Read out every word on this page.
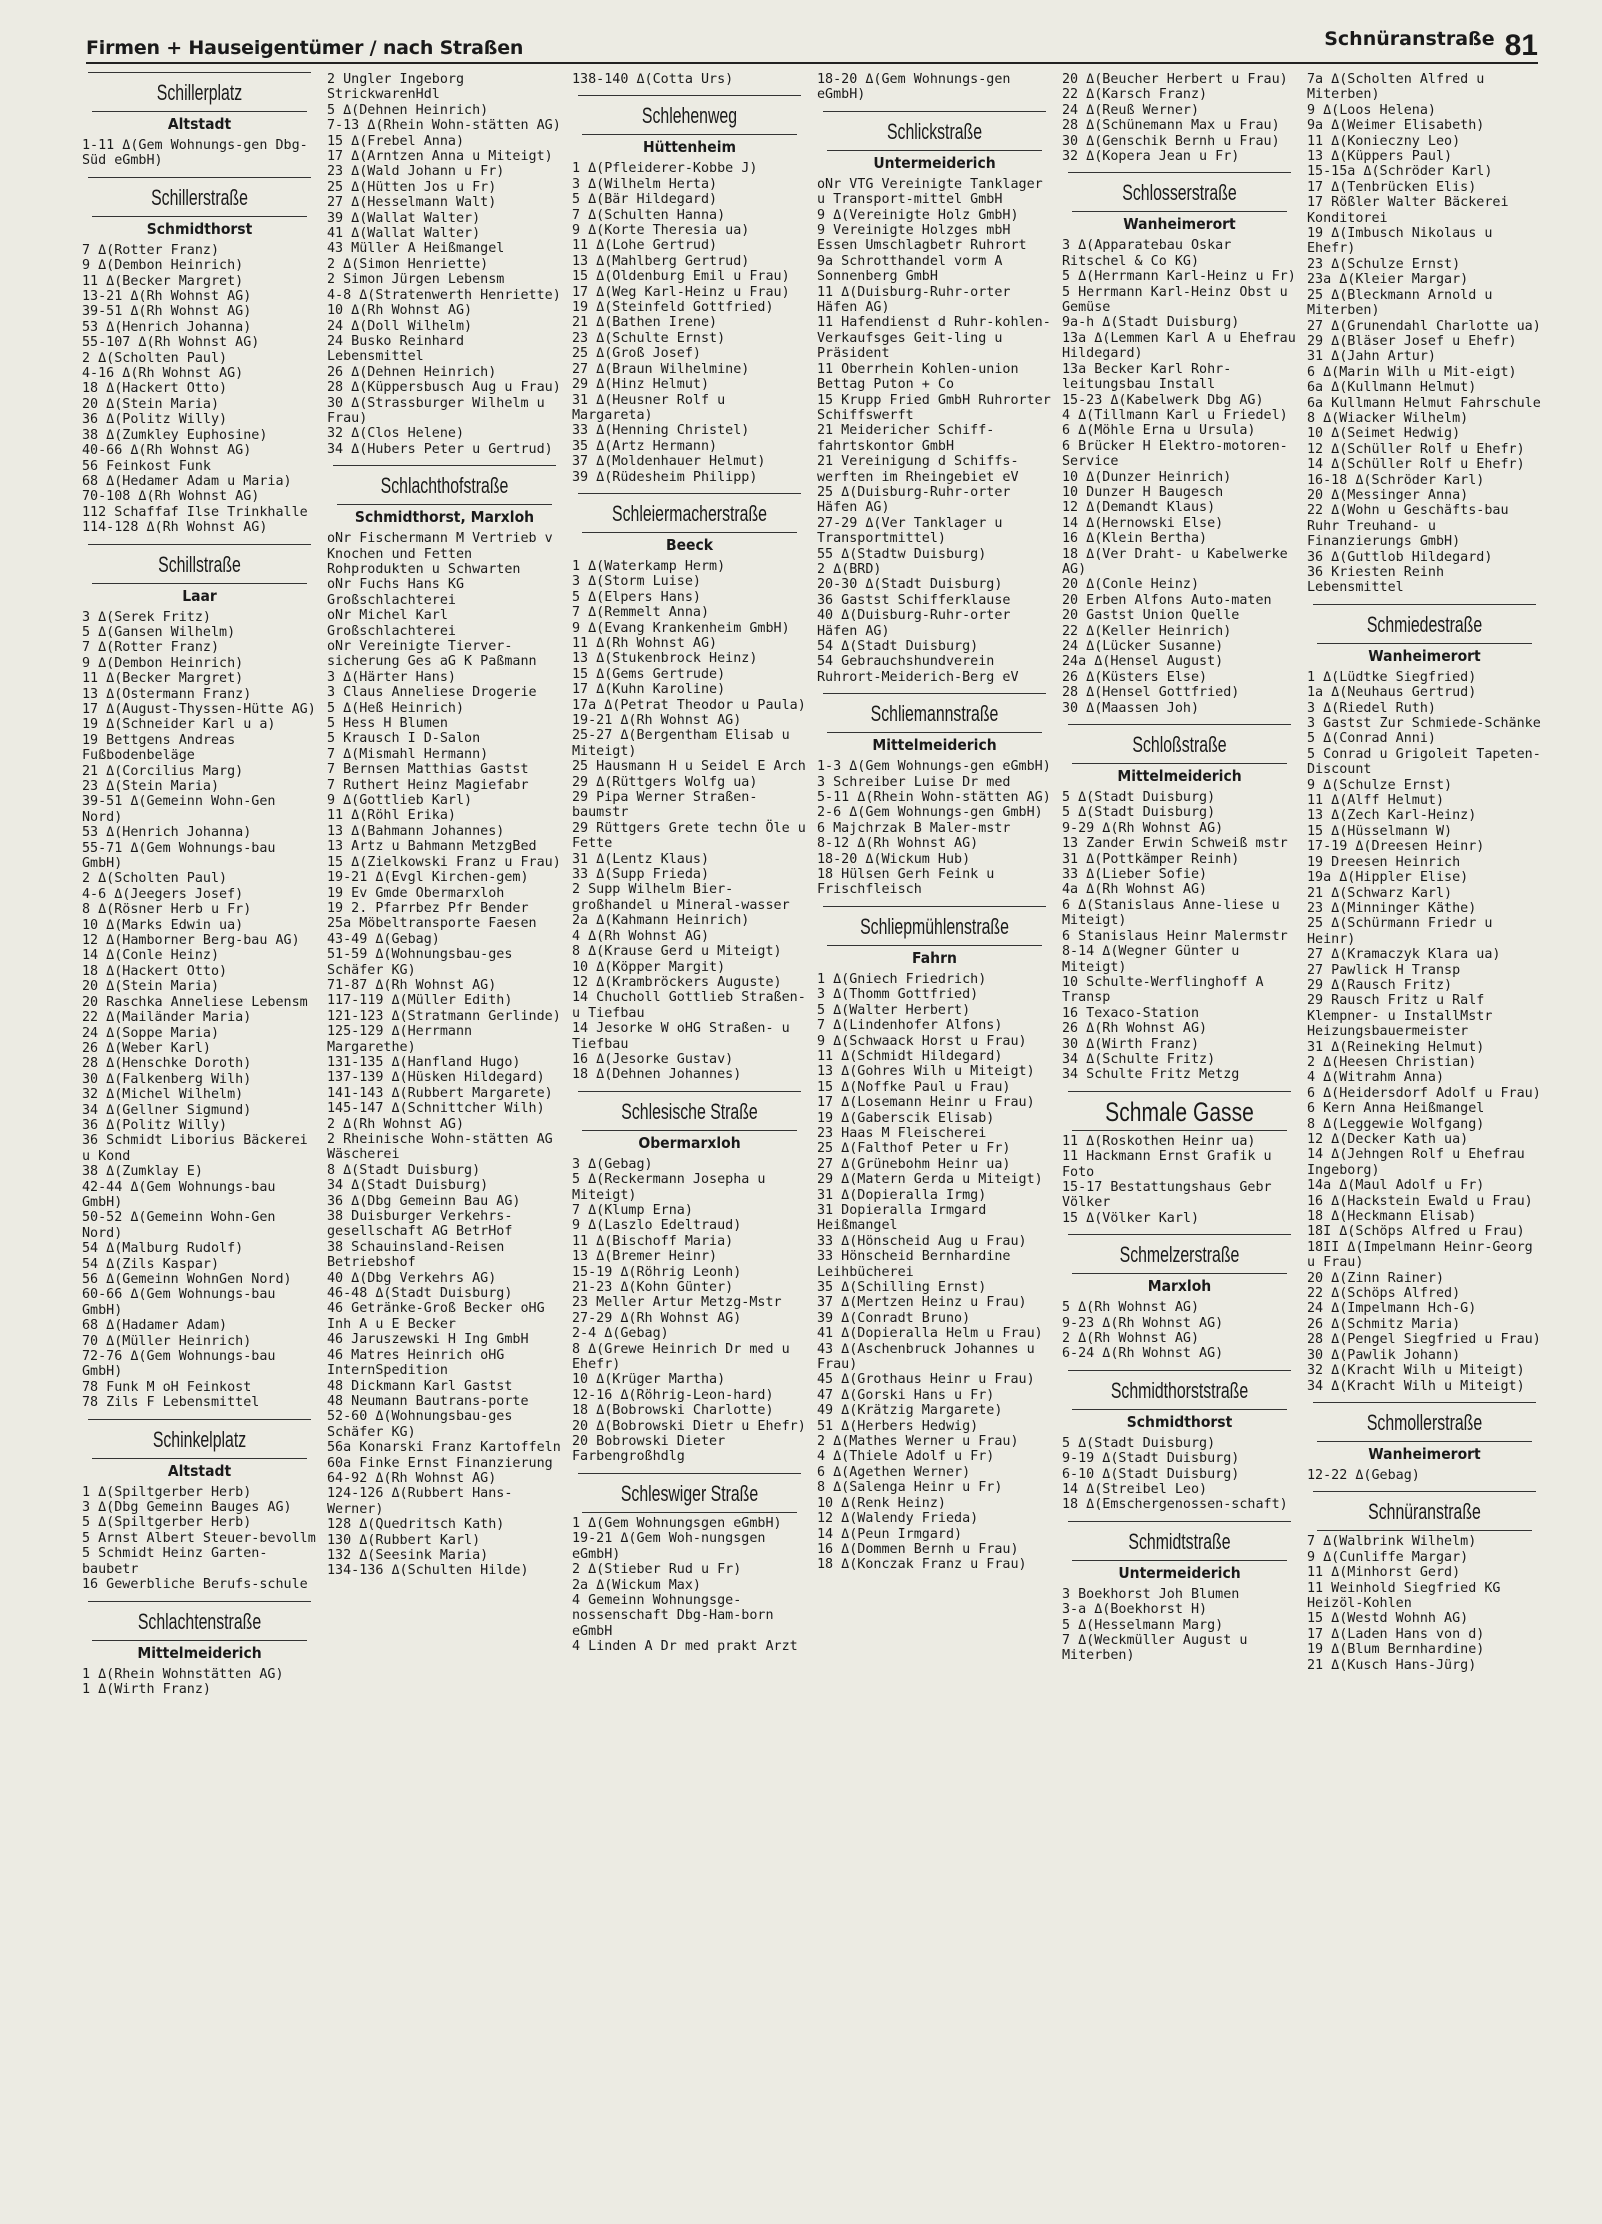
Firmen + Hauseigentümer / nach Straßen	Schnüranstraße 81
Schillerplatz
Altstadt
1-11 Δ(Gem Wohnungs-gen Dbg-Süd eGmbH)
Schillerstraße
Schmidthorst
7 Δ(Rotter Franz)
9 Δ(Dembon Heinrich)
11 Δ(Becker Margret)
13-21 Δ(Rh Wohnst AG)
39-51 Δ(Rh Wohnst AG)
53 Δ(Henrich Johanna)
55-107 Δ(Rh Wohnst AG)
2 Δ(Scholten Paul)
4-16 Δ(Rh Wohnst AG)
18 Δ(Hackert Otto)
20 Δ(Stein Maria)
36 Δ(Politz Willy)
38 Δ(Zumkley Euphosine)
40-66 Δ(Rh Wohnst AG)
56 Feinkost Funk
68 Δ(Hedamer Adam u Maria)
70-108 Δ(Rh Wohnst AG)
112 Schaffaf Ilse Trinkhalle
114-128 Δ(Rh Wohnst AG)
Schillstraße
Laar
3 Δ(Serek Fritz)
5 Δ(Gansen Wilhelm)
7 Δ(Rotter Franz)
9 Δ(Dembon Heinrich)
11 Δ(Becker Margret)
13 Δ(Ostermann Franz)
17 Δ(August-Thyssen-Hütte AG)
19 Δ(Schneider Karl u a)
19 Bettgens Andreas Fußbodenbeläge
21 Δ(Corcilius Marg)
23 Δ(Stein Maria)
39-51 Δ(Gemeinn Wohn-Gen Nord)
53 Δ(Henrich Johanna)
55-71 Δ(Gem Wohnungs-bau GmbH)
2 Δ(Scholten Paul)
4-6 Δ(Jeegers Josef)
8 Δ(Rösner Herb u Fr)
10 Δ(Marks Edwin ua)
12 Δ(Hamborner Berg-bau AG)
14 Δ(Conle Heinz)
18 Δ(Hackert Otto)
20 Δ(Stein Maria)
20 Raschka Anneliese Lebensm
22 Δ(Mailänder Maria)
24 Δ(Soppe Maria)
26 Δ(Weber Karl)
28 Δ(Henschke Doroth)
30 Δ(Falkenberg Wilh)
32 Δ(Michel Wilhelm)
34 Δ(Gellner Sigmund)
36 Δ(Politz Willy)
36 Schmidt Liborius Bäckerei u Kond
38 Δ(Zumklay E)
42-44 Δ(Gem Wohnungs-bau GmbH)
50-52 Δ(Gemeinn Wohn-Gen Nord)
54 Δ(Malburg Rudolf)
54 Δ(Zils Kaspar)
56 Δ(Gemeinn WohnGen Nord)
60-66 Δ(Gem Wohnungs-bau GmbH)
68 Δ(Hadamer Adam)
70 Δ(Müller Heinrich)
72-76 Δ(Gem Wohnungs-bau GmbH)
78 Funk M oH Feinkost
78 Zils F Lebensmittel
Schinkelplatz
Altstadt
1 Δ(Spiltgerber Herb)
3 Δ(Dbg Gemeinn Bauges AG)
5 Δ(Spiltgerber Herb)
5 Arnst Albert Steuer-bevollm
5 Schmidt Heinz Garten-baubetr
16 Gewerbliche Berufs-schule
Schlachtenstraße
Mittelmeiderich
1 Δ(Rhein Wohnstätten AG)
1 Δ(Wirth Franz)
2 Ungler Ingeborg StrickwarenHdl
5 Δ(Dehnen Heinrich)
7-13 Δ(Rhein Wohn-stätten AG)
15 Δ(Frebel Anna)
17 Δ(Arntzen Anna u Miteigt)
23 Δ(Wald Johann u Fr)
25 Δ(Hütten Jos u Fr)
27 Δ(Hesselmann Walt)
39 Δ(Wallat Walter)
41 Δ(Wallat Walter)
43 Müller A Heißmangel
2 Δ(Simon Henriette)
2 Simon Jürgen Lebensm
4-8 Δ(Stratenwerth Henriette)
10 Δ(Rh Wohnst AG)
24 Δ(Doll Wilhelm)
24 Busko Reinhard Lebensmittel
26 Δ(Dehnen Heinrich)
28 Δ(Küppersbusch Aug u Frau)
30 Δ(Strassburger Wilhelm u Frau)
32 Δ(Clos Helene)
34 Δ(Hubers Peter u Gertrud)
Schlachthofstraße
Schmidthorst, Marxloh
oNr Fischermann M Vertrieb v Knochen und Fetten Rohprodukten u Schwarten
oNr Fuchs Hans KG Großschlachterei
oNr Michel Karl Großschlachterei
oNr Vereinigte Tierver-sicherung Ges aG K Paßmann
3 Δ(Härter Hans)
3 Claus Anneliese Drogerie
5 Δ(Heß Heinrich)
5 Hess H Blumen
5 Krausch I D-Salon
7 Δ(Mismahl Hermann)
7 Bernsen Matthias Gastst
7 Ruthert Heinz Magiefabr
9 Δ(Gottlieb Karl)
11 Δ(Röhl Erika)
13 Δ(Bahmann Johannes)
13 Artz u Bahmann MetzgBed
15 Δ(Zielkowski Franz u Frau)
19-21 Δ(Evgl Kirchen-gem)
19 Ev Gmde Obermarxloh
19 2. Pfarrbez Pfr Bender
25a Möbeltransporte Faesen
43-49 Δ(Gebag)
51-59 Δ(Wohnungsbau-ges Schäfer KG)
71-87 Δ(Rh Wohnst AG)
117-119 Δ(Müller Edith)
121-123 Δ(Stratmann Gerlinde)
125-129 Δ(Herrmann Margarethe)
131-135 Δ(Hanfland Hugo)
137-139 Δ(Hüsken Hildegard)
141-143 Δ(Rubbert Margarete)
145-147 Δ(Schnittcher Wilh)
2 Δ(Rh Wohnst AG)
2 Rheinische Wohn-stätten AG Wäscherei
8 Δ(Stadt Duisburg)
34 Δ(Stadt Duisburg)
36 Δ(Dbg Gemeinn Bau AG)
38 Duisburger Verkehrs-gesellschaft AG BetrHof
38 Schauinsland-Reisen Betriebshof
40 Δ(Dbg Verkehrs AG)
46-48 Δ(Stadt Duisburg)
46 Getränke-Groß Becker oHG Inh A u E Becker
46 Jaruszewski H Ing GmbH
46 Matres Heinrich oHG InternSpedition
48 Dickmann Karl Gastst
48 Neumann Bautrans-porte
52-60 Δ(Wohnungsbau-ges Schäfer KG)
56a Konarski Franz Kartoffeln
60a Finke Ernst Finanzierung
64-92 Δ(Rh Wohnst AG)
124-126 Δ(Rubbert Hans-Werner)
128 Δ(Quedritsch Kath)
130 Δ(Rubbert Karl)
132 Δ(Seesink Maria)
134-136 Δ(Schulten Hilde)
138-140 Δ(Cotta Urs)
Schlehenweg
Hüttenheim
1 Δ(Pfleiderer-Kobbe J)
3 Δ(Wilhelm Herta)
5 Δ(Bär Hildegard)
7 Δ(Schulten Hanna)
9 Δ(Korte Theresia ua)
11 Δ(Lohe Gertrud)
13 Δ(Mahlberg Gertrud)
15 Δ(Oldenburg Emil u Frau)
17 Δ(Weg Karl-Heinz u Frau)
19 Δ(Steinfeld Gottfried)
21 Δ(Bathen Irene)
23 Δ(Schulte Ernst)
25 Δ(Groß Josef)
27 Δ(Braun Wilhelmine)
29 Δ(Hinz Helmut)
31 Δ(Heusner Rolf u Margareta)
33 Δ(Henning Christel)
35 Δ(Artz Hermann)
37 Δ(Moldenhauer Helmut)
39 Δ(Rüdesheim Philipp)
Schleiermacherstraße
Beeck
1 Δ(Waterkamp Herm)
3 Δ(Storm Luise)
5 Δ(Elpers Hans)
7 Δ(Remmelt Anna)
9 Δ(Evang Krankenheim GmbH)
11 Δ(Rh Wohnst AG)
13 Δ(Stukenbrock Heinz)
15 Δ(Gems Gertrude)
17 Δ(Kuhn Karoline)
17a Δ(Petrat Theodor u Paula)
19-21 Δ(Rh Wohnst AG)
25-27 Δ(Bergentham Elisab u Miteigt)
25 Hausmann H u Seidel E Arch
29 Δ(Rüttgers Wolfg ua)
29 Pipa Werner Straßen-baumstr
29 Rüttgers Grete techn Öle u Fette
31 Δ(Lentz Klaus)
33 Δ(Supp Frieda)
2 Supp Wilhelm Bier-großhandel u Mineral-wasser
2a Δ(Kahmann Heinrich)
4 Δ(Rh Wohnst AG)
8 Δ(Krause Gerd u Miteigt)
10 Δ(Köpper Margit)
12 Δ(Krambröckers Auguste)
14 Chucholl Gottlieb Straßen- u Tiefbau
14 Jesorke W oHG Straßen- u Tiefbau
16 Δ(Jesorke Gustav)
18 Δ(Dehnen Johannes)
Schlesische Straße
Obermarxloh
3 Δ(Gebag)
5 Δ(Reckermann Josepha u Miteigt)
7 Δ(Klump Erna)
9 Δ(Laszlo Edeltraud)
11 Δ(Bischoff Maria)
13 Δ(Bremer Heinr)
15-19 Δ(Röhrig Leonh)
21-23 Δ(Kohn Günter)
23 Meller Artur Metzg-Mstr
27-29 Δ(Rh Wohnst AG)
2-4 Δ(Gebag)
8 Δ(Grewe Heinrich Dr med u Ehefr)
10 Δ(Krüger Martha)
12-16 Δ(Röhrig-Leon-hard)
18 Δ(Bobrowski Charlotte)
20 Δ(Bobrowski Dietr u Ehefr)
20 Bobrowski Dieter Farbengroßhdlg
Schleswiger Straße
1 Δ(Gem Wohnungsgen eGmbH)
19-21 Δ(Gem Woh-nungsgen eGmbH)
2 Δ(Stieber Rud u Fr)
2a Δ(Wickum Max)
4 Gemeinn Wohnungsge-nossenschaft Dbg-Ham-born eGmbH
4 Linden A Dr med prakt Arzt
18-20 Δ(Gem Wohnungs-gen eGmbH)
Schlickstraße
Untermeiderich
oNr VTG Vereinigte Tanklager u Transport-mittel GmbH
9 Δ(Vereinigte Holz GmbH)
9 Vereinigte Holzges mbH Essen Umschlagbetr Ruhrort
9a Schrotthandel vorm A Sonnenberg GmbH
11 Δ(Duisburg-Ruhr-orter Häfen AG)
11 Hafendienst d Ruhr-kohlen-Verkaufsges Geit-ling u Präsident
11 Oberrhein Kohlen-union Bettag Puton + Co
15 Krupp Fried GmbH Ruhrorter Schiffswerft
21 Meidericher Schiff-fahrtskontor GmbH
21 Vereinigung d Schiffs-werften im Rheingebiet eV
25 Δ(Duisburg-Ruhr-orter Häfen AG)
27-29 Δ(Ver Tanklager u Transportmittel)
55 Δ(Stadtw Duisburg)
2 Δ(BRD)
20-30 Δ(Stadt Duisburg)
36 Gastst Schifferklause
40 Δ(Duisburg-Ruhr-orter Häfen AG)
54 Δ(Stadt Duisburg)
54 Gebrauchshundverein Ruhrort-Meiderich-Berg eV
Schliemannstraße
Mittelmeiderich
1-3 Δ(Gem Wohnungs-gen eGmbH)
3 Schreiber Luise Dr med
5-11 Δ(Rhein Wohn-stätten AG)
2-6 Δ(Gem Wohnungs-gen GmbH)
6 Majchrzak B Maler-mstr
8-12 Δ(Rh Wohnst AG)
18-20 Δ(Wickum Hub)
18 Hülsen Gerh Feink u Frischfleisch
Schliepmühlenstraße
Fahrn
1 Δ(Gniech Friedrich)
3 Δ(Thomm Gottfried)
5 Δ(Walter Herbert)
7 Δ(Lindenhofer Alfons)
9 Δ(Schwaack Horst u Frau)
11 Δ(Schmidt Hildegard)
13 Δ(Gohres Wilh u Miteigt)
15 Δ(Noffke Paul u Frau)
17 Δ(Losemann Heinr u Frau)
19 Δ(Gaberscik Elisab)
23 Haas M Fleischerei
25 Δ(Falthof Peter u Fr)
27 Δ(Grünebohm Heinr ua)
29 Δ(Matern Gerda u Miteigt)
31 Δ(Dopieralla Irmg)
31 Dopieralla Irmgard Heißmangel
33 Δ(Hönscheid Aug u Frau)
33 Hönscheid Bernhardine Leihbücherei
35 Δ(Schilling Ernst)
37 Δ(Mertzen Heinz u Frau)
39 Δ(Conradt Bruno)
41 Δ(Dopieralla Helm u Frau)
43 Δ(Aschenbruck Johannes u Frau)
45 Δ(Grothaus Heinr u Frau)
47 Δ(Gorski Hans u Fr)
49 Δ(Krätzig Margarete)
51 Δ(Herbers Hedwig)
2 Δ(Mathes Werner u Frau)
4 Δ(Thiele Adolf u Fr)
6 Δ(Agethen Werner)
8 Δ(Salenga Heinr u Fr)
10 Δ(Renk Heinz)
12 Δ(Walendy Frieda)
14 Δ(Peun Irmgard)
16 Δ(Dommen Bernh u Frau)
18 Δ(Konczak Franz u Frau)
20 Δ(Beucher Herbert u Frau)
22 Δ(Karsch Franz)
24 Δ(Reuß Werner)
28 Δ(Schünemann Max u Frau)
30 Δ(Genschik Bernh u Frau)
32 Δ(Kopera Jean u Fr)
Schlosserstraße
Wanheimerort
3 Δ(Apparatebau Oskar Ritschel & Co KG)
5 Δ(Herrmann Karl-Heinz u Fr)
5 Herrmann Karl-Heinz Obst u Gemüse
9a-h Δ(Stadt Duisburg)
13a Δ(Lemmen Karl A u Ehefrau Hildegard)
13a Becker Karl Rohr-leitungsbau Install
15-23 Δ(Kabelwerk Dbg AG)
4 Δ(Tillmann Karl u Friedel)
6 Δ(Möhle Erna u Ursula)
6 Brücker H Elektro-motoren-Service
10 Δ(Dunzer Heinrich)
10 Dunzer H Baugesch
12 Δ(Demandt Klaus)
14 Δ(Hernowski Else)
16 Δ(Klein Bertha)
18 Δ(Ver Draht- u Kabelwerke AG)
20 Δ(Conle Heinz)
20 Erben Alfons Auto-maten
20 Gastst Union Quelle
22 Δ(Keller Heinrich)
24 Δ(Lücker Susanne)
24a Δ(Hensel August)
26 Δ(Küsters Else)
28 Δ(Hensel Gottfried)
30 Δ(Maassen Joh)
Schloßstraße
Mittelmeiderich
5 Δ(Stadt Duisburg)
5 Δ(Stadt Duisburg)
9-29 Δ(Rh Wohnst AG)
13 Zander Erwin Schweiß mstr
31 Δ(Pottkämper Reinh)
33 Δ(Lieber Sofie)
4a Δ(Rh Wohnst AG)
6 Δ(Stanislaus Anne-liese u Miteigt)
6 Stanislaus Heinr Malermstr
8-14 Δ(Wegner Günter u Miteigt)
10 Schulte-Werflinghoff A Transp
16 Texaco-Station
26 Δ(Rh Wohnst AG)
30 Δ(Wirth Franz)
34 Δ(Schulte Fritz)
34 Schulte Fritz Metzg
Schmale Gasse
11 Δ(Roskothen Heinr ua)
11 Hackmann Ernst Grafik u Foto
15-17 Bestattungshaus Gebr Völker
15 Δ(Völker Karl)
Schmelzerstraße
Marxloh
5 Δ(Rh Wohnst AG)
9-23 Δ(Rh Wohnst AG)
2 Δ(Rh Wohnst AG)
6-24 Δ(Rh Wohnst AG)
Schmidthorststraße
Schmidthorst
5 Δ(Stadt Duisburg)
9-19 Δ(Stadt Duisburg)
6-10 Δ(Stadt Duisburg)
14 Δ(Streibel Leo)
18 Δ(Emschergenossen-schaft)
Schmidtstraße
Untermeiderich
3 Boekhorst Joh Blumen
3-a Δ(Boekhorst H)
5 Δ(Hesselmann Marg)
7 Δ(Weckmüller August u Miterben)
7a Δ(Scholten Alfred u Miterben)
9 Δ(Loos Helena)
9a Δ(Weimer Elisabeth)
11 Δ(Konieczny Leo)
13 Δ(Küppers Paul)
15-15a Δ(Schröder Karl)
17 Δ(Tenbrücken Elis)
17 Rößler Walter Bäckerei Konditorei
19 Δ(Imbusch Nikolaus u Ehefr)
23 Δ(Schulze Ernst)
23a Δ(Kleier Margar)
25 Δ(Bleckmann Arnold u Miterben)
27 Δ(Grunendahl Charlotte ua)
29 Δ(Bläser Josef u Ehefr)
31 Δ(Jahn Artur)
6 Δ(Marin Wilh u Mit-eigt)
6a Δ(Kullmann Helmut)
6a Kullmann Helmut Fahrschule
8 Δ(Wiacker Wilhelm)
10 Δ(Seimet Hedwig)
12 Δ(Schüller Rolf u Ehefr)
14 Δ(Schüller Rolf u Ehefr)
16-18 Δ(Schröder Karl)
20 Δ(Messinger Anna)
22 Δ(Wohn u Geschäfts-bau Ruhr Treuhand- u Finanzierungs GmbH)
36 Δ(Guttlob Hildegard)
36 Kriesten Reinh Lebensmittel
Schmiedestraße
Wanheimerort
1 Δ(Lüdtke Siegfried)
1a Δ(Neuhaus Gertrud)
3 Δ(Riedel Ruth)
3 Gastst Zur Schmiede-Schänke
5 Δ(Conrad Anni)
5 Conrad u Grigoleit Tapeten-Discount
9 Δ(Schulze Ernst)
11 Δ(Alff Helmut)
13 Δ(Zech Karl-Heinz)
15 Δ(Hüsselmann W)
17-19 Δ(Dreesen Heinr)
19 Dreesen Heinrich
19a Δ(Hippler Elise)
21 Δ(Schwarz Karl)
23 Δ(Minninger Käthe)
25 Δ(Schürmann Friedr u Heinr)
27 Δ(Kramaczyk Klara ua)
27 Pawlick H Transp
29 Δ(Rausch Fritz)
29 Rausch Fritz u Ralf Klempner- u InstallMstr Heizungsbauermeister
31 Δ(Reineking Helmut)
2 Δ(Heesen Christian)
4 Δ(Witrahm Anna)
6 Δ(Heidersdorf Adolf u Frau)
6 Kern Anna Heißmangel
8 Δ(Leggewie Wolfgang)
12 Δ(Decker Kath ua)
14 Δ(Jehngen Rolf u Ehefrau Ingeborg)
14a Δ(Maul Adolf u Fr)
16 Δ(Hackstein Ewald u Frau)
18 Δ(Heckmann Elisab)
18I Δ(Schöps Alfred u Frau)
18II Δ(Impelmann Heinr-Georg u Frau)
20 Δ(Zinn Rainer)
22 Δ(Schöps Alfred)
24 Δ(Impelmann Hch-G)
26 Δ(Schmitz Maria)
28 Δ(Pengel Siegfried u Frau)
30 Δ(Pawlik Johann)
32 Δ(Kracht Wilh u Miteigt)
34 Δ(Kracht Wilh u Miteigt)
Schmollerstraße
Wanheimerort
12-22 Δ(Gebag)
Schnüranstraße
7 Δ(Walbrink Wilhelm)
9 Δ(Cunliffe Margar)
11 Δ(Minhorst Gerd)
11 Weinhold Siegfried KG Heizöl-Kohlen
15 Δ(Westd Wohnh AG)
17 Δ(Laden Hans von d)
19 Δ(Blum Bernhardine)
21 Δ(Kusch Hans-Jürg)
